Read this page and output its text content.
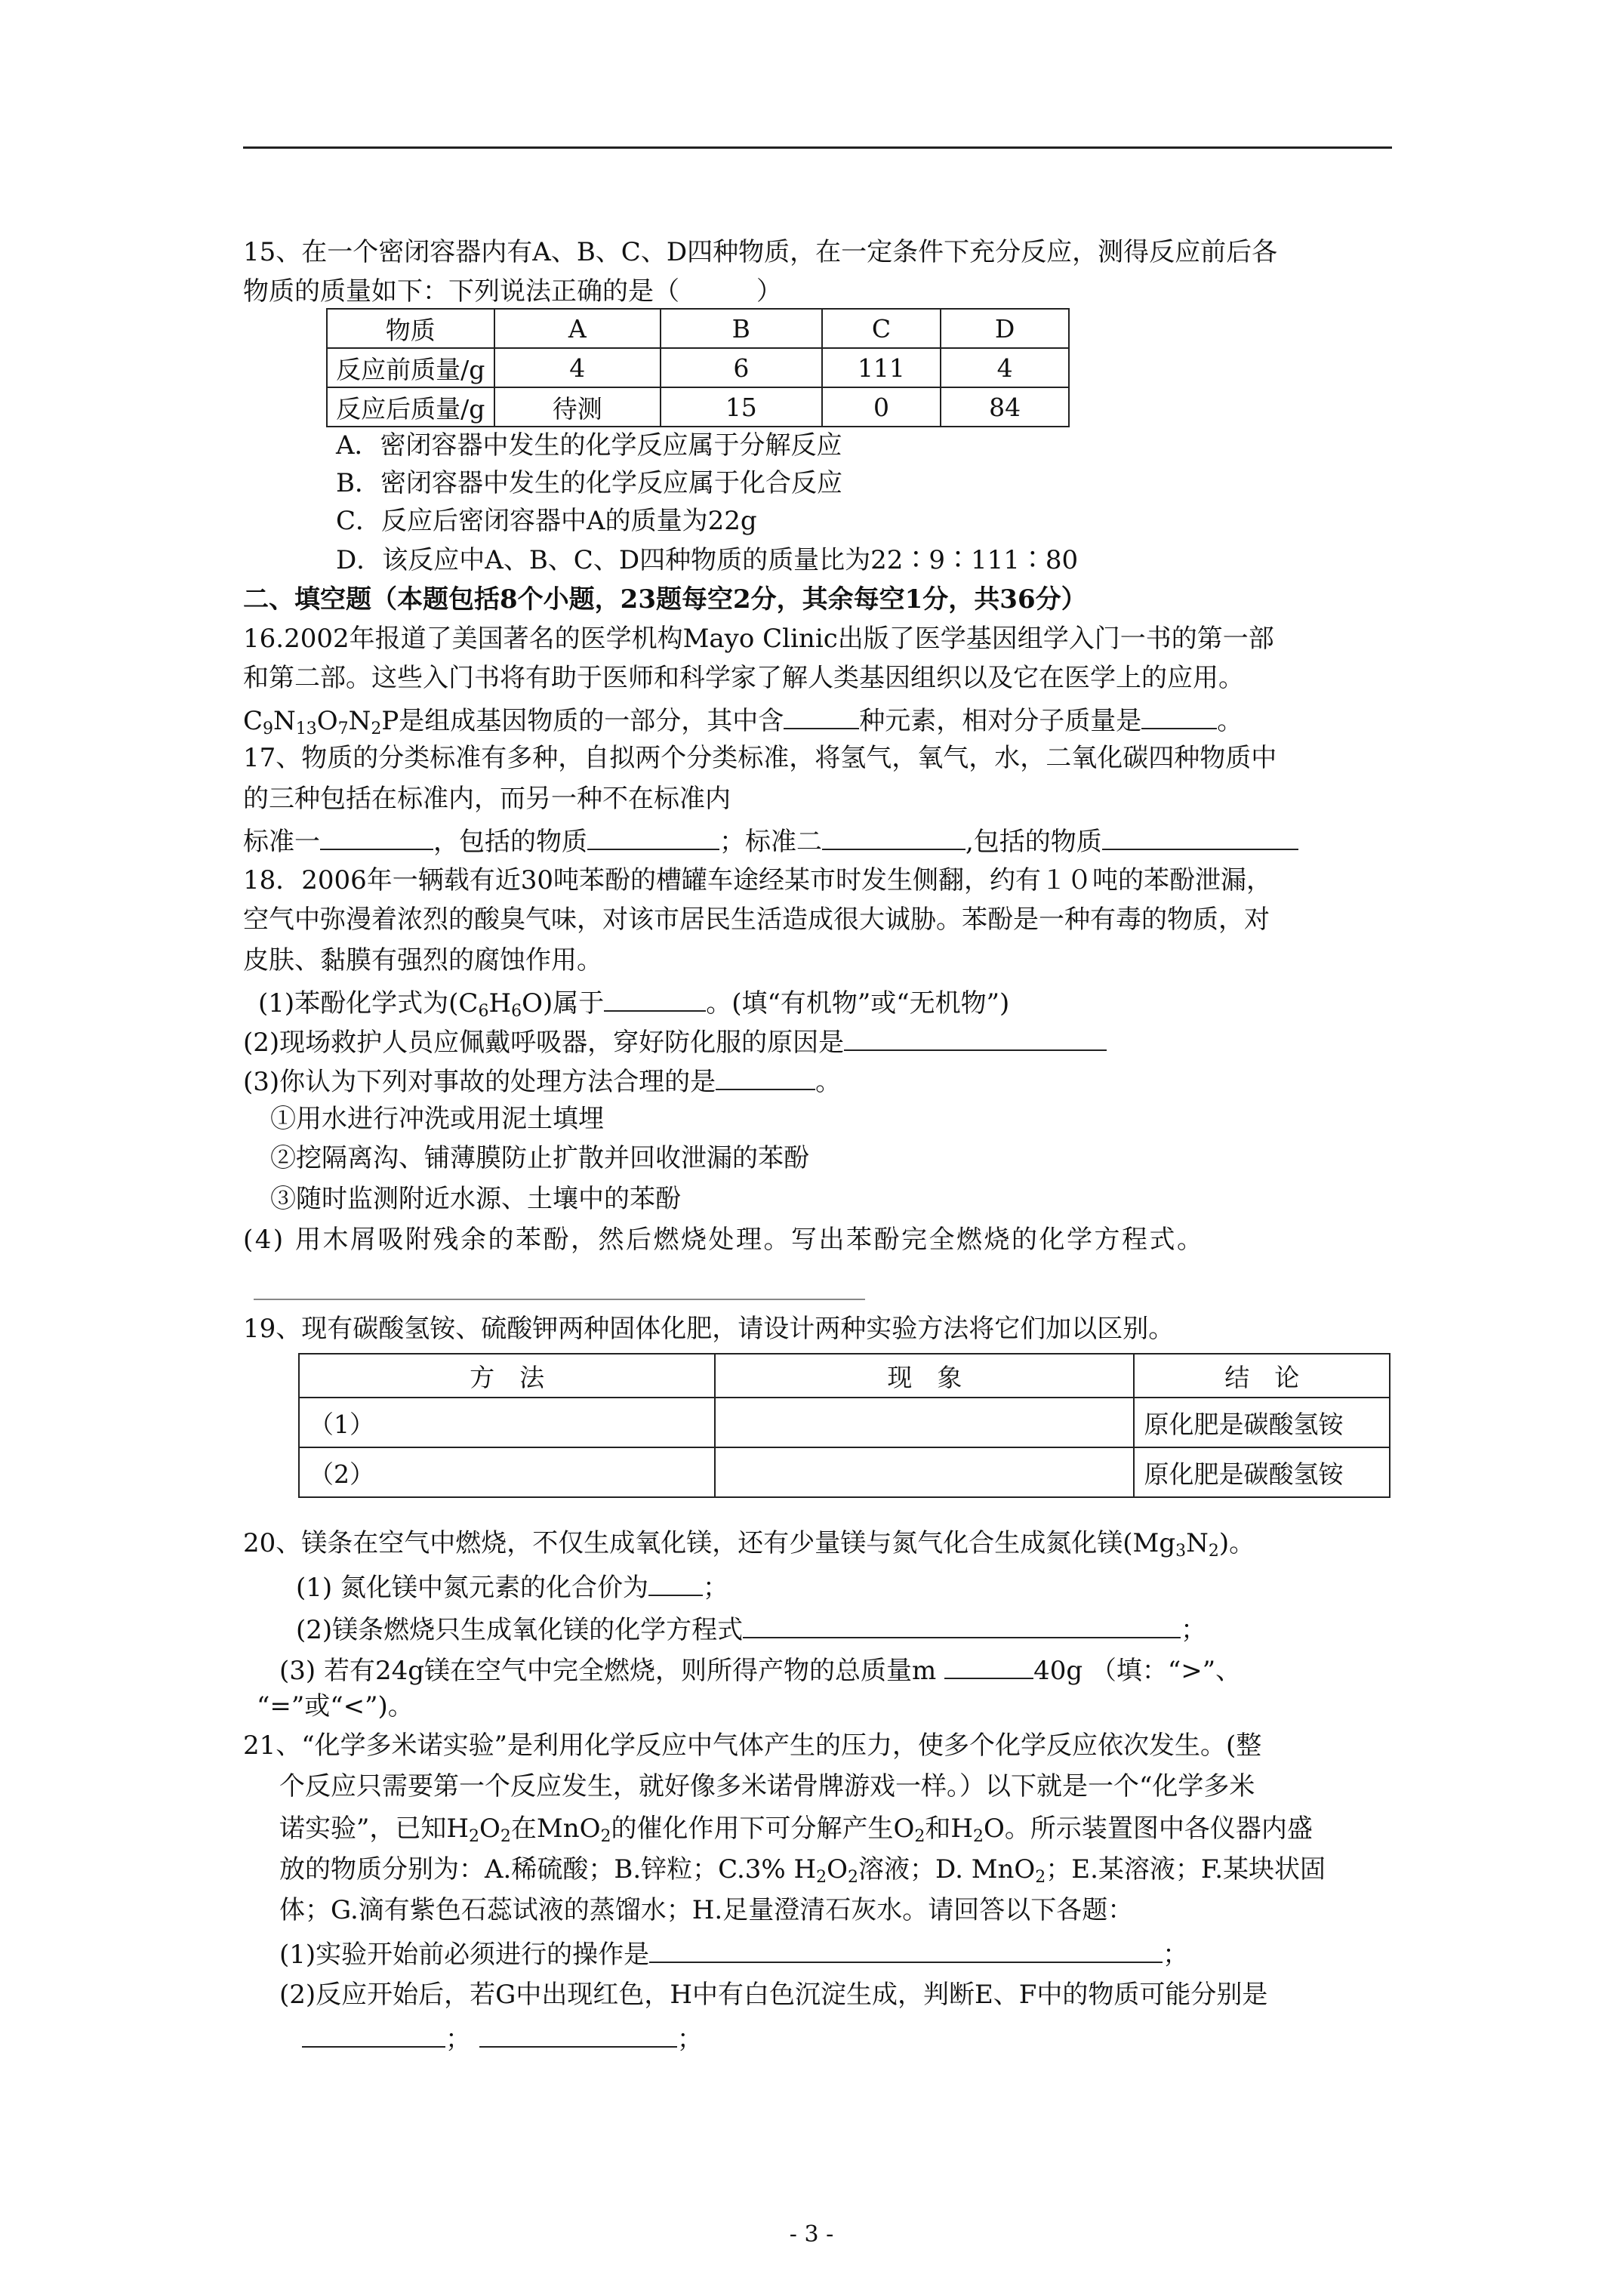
15、在一个密闭容器内有A、B、C、D四种物质，在一定条件下充分反应，测得反应前后各
物质的质量如下：下列说法正确的是（　　　）
物质	A	B	C	D
反应前质量/g	4	6	111	4
反应后质量/g	待测	15	0	84
A．密闭容器中发生的化学反应属于分解反应
B．密闭容器中发生的化学反应属于化合反应
C．反应后密闭容器中A的质量为22g
D．该反应中A、B、C、D四种物质的质量比为22∶9∶111∶80
二、填空题（本题包括8个小题，23题每空2分，其余每空1分，共36分）
16.2002年报道了美国著名的医学机构Mayo Clinic出版了医学基因组学入门一书的第一部
和第二部。这些入门书将有助于医师和科学家了解人类基因组织以及它在医学上的应用。
$C_9N_{13}O_7N_2P$是组成基因物质的一部分，其中含	种元素，相对分子质量是	。
17、物质的分类标准有多种，自拟两个分类标准，将氢气，氧气，水，二氧化碳四种物质中
的三种包括在标准内，而另一种不在标准内
标准一	，包括的物质	；标准二	,包括的物质
18．2006年一辆载有近30吨苯酚的槽罐车途经某市时发生侧翻，约有１０吨的苯酚泄漏，
空气中弥漫着浓烈的酸臭气味，对该市居民生活造成很大诚胁。苯酚是一种有毒的物质，对
皮肤、黏膜有强烈的腐蚀作用。
(1)苯酚化学式为$(C_6H_6O)$属于	。(填“有机物”或“无机物”)
(2)现场救护人员应佩戴呼吸器，穿好防化服的原因是
(3)你认为下列对事故的处理方法合理的是	。
①用水进行冲洗或用泥土填埋
②挖隔离沟、铺薄膜防止扩散并回收泄漏的苯酚
③随时监测附近水源、土壤中的苯酚
(4) 用木屑吸附残余的苯酚，然后燃烧处理。写出苯酚完全燃烧的化学方程式。
19、现有碳酸氢铵、硫酸钾两种固体化肥，请设计两种实验方法将它们加以区别。
方　法	现　象	结　论
（1）		原化肥是碳酸氢铵
（2）		原化肥是碳酸氢铵
20、镁条在空气中燃烧，不仅生成氧化镁，还有少量镁与氮气化合生成氮化镁$(Mg_3N_2)$。
(1) 氮化镁中氮元素的化合价为 ；
(2)镁条燃烧只生成氧化镁的化学方程式	；
(3) 若有24g镁在空气中完全燃烧，则所得产物的总质量m	40g （填：“>”、
“=”或“<”)。
21、“化学多米诺实验”是利用化学反应中气体产生的压力，使多个化学反应依次发生。(整
个反应只需要第一个反应发生，就好像多米诺骨牌游戏一样。）以下就是一个“化学多米
诺实验”，已知$H_2O_2$在MnO$_2$的催化作用下可分解产生$O_2$和$H_2O$。所示装置图中各仪器内盛
放的物质分别为：A.稀硫酸；B.锌粒；C.3% $H_2O_2$溶液；D. MnO$_2$；E.某溶液；F.某块状固
体；G.滴有紫色石蕊试液的蒸馏水；H.足量澄清石灰水。请回答以下各题：
(1)实验开始前必须进行的操作是	；
(2)反应开始后，若G中出现红色，H中有白色沉淀生成，判断E、F中的物质可能分别是
；	；
- 3 -
